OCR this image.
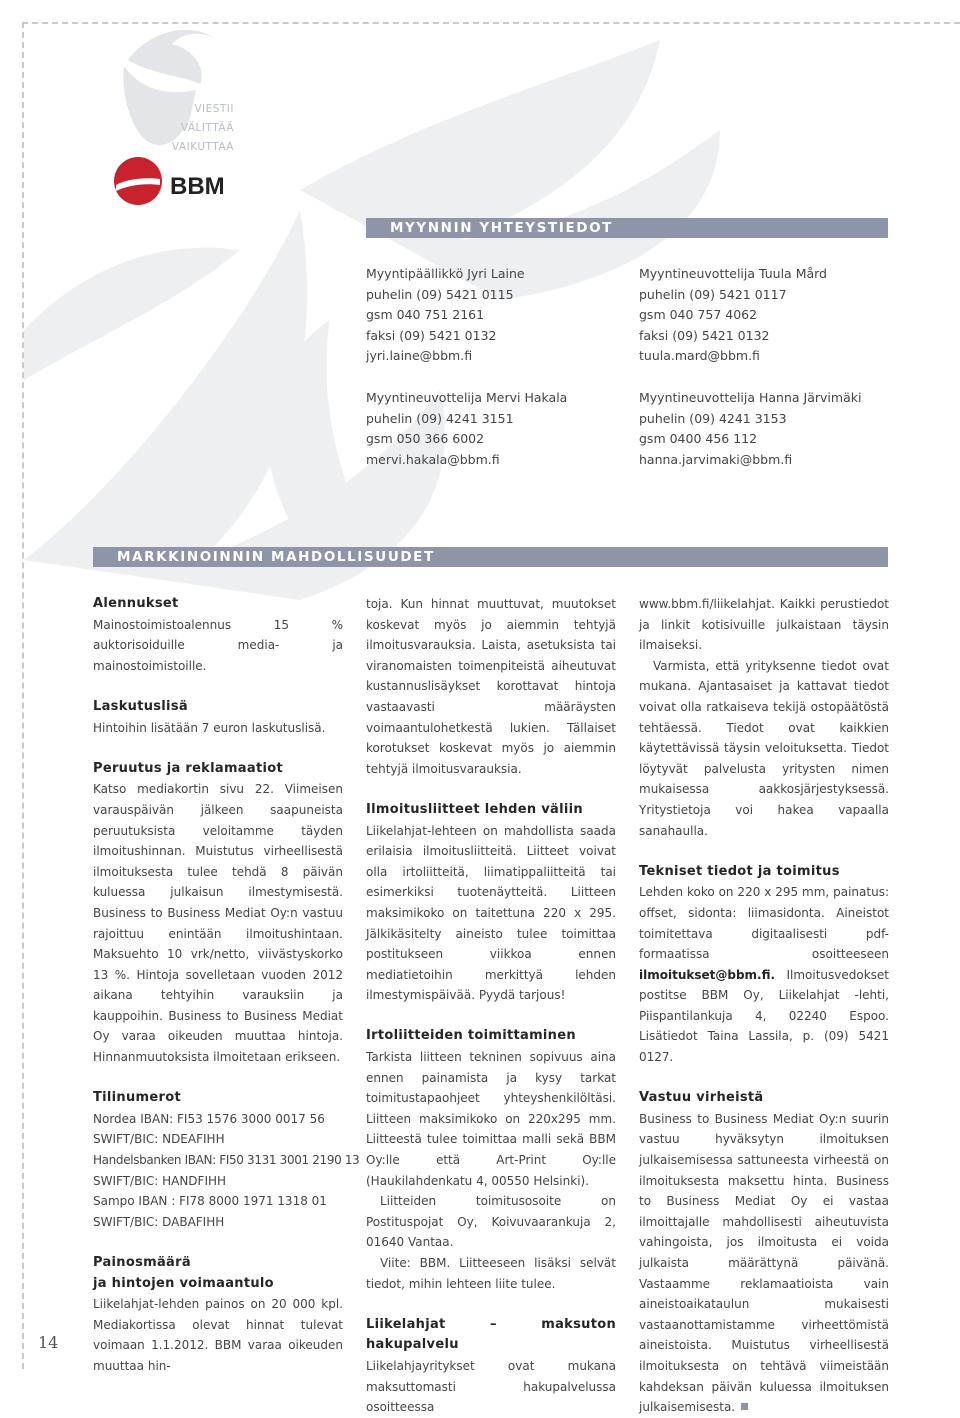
VIESTII
VÄLITTÄÄ
VAIKUTTAA
BBM
MYYNNIN YHTEYSTIEDOT
Myyntipäällikkö Jyri Laine
puhelin (09) 5421 0115
gsm 040 751 2161
faksi (09) 5421 0132
jyri.laine@bbm.fi
Myyntineuvottelija Tuula Mård
puhelin (09) 5421 0117
gsm 040 757 4062
faksi (09) 5421 0132
tuula.mard@bbm.fi
Myyntineuvottelija Mervi Hakala
puhelin (09) 4241 3151
gsm 050 366 6002
mervi.hakala@bbm.fi
Myyntineuvottelija Hanna Järvimäki
puhelin (09) 4241 3153
gsm 0400 456 112
hanna.jarvimaki@bbm.fi
MARKKINOINNIN MAHDOLLISUUDET
Alennukset

Mainostoimistoalennus 15 % auktorisoiduille media- ja mainostoimistoille.

Laskutuslisä

Hintoihin lisätään 7 euron laskutuslisä.

Peruutus ja reklamaatiot

Katso mediakortin sivu 22. Viimeisen varauspäivän jälkeen saapuneista peruutuksista veloitamme täyden ilmoitushinnan. Muistutus virheellisestä ilmoituksesta tulee tehdä 8 päivän kuluessa julkaisun ilmestymisestä. Business to Business Mediat Oy:n vastuu rajoittuu enintään ilmoitushintaan. Maksuehto 10 vrk/netto, viivästyskorko 13 %. Hintoja sovelletaan vuoden 2012 aikana tehtyihin varauksiin ja kauppoihin. Business to Business Mediat Oy varaa oikeuden muuttaa hintoja. Hinnanmuutoksista ilmoitetaan erikseen.

Tilinumerot
Nordea IBAN: FI53 1576 3000 0017 56
SWIFT/BIC: NDEAFIHH
Handelsbanken IBAN: FI50 3131 3001 2190 13
SWIFT/BIC: HANDFIHH
Sampo IBAN : FI78 8000 1971 1318 01
SWIFT/BIC: DABAFIHH
Painosmäärä
ja hintojen voimaantulo

Liikelahjat-lehden painos on 20 000 kpl. Mediakortissa olevat hinnat tulevat voimaan 1.1.2012. BBM varaa oikeuden muuttaa hin-

toja. Kun hinnat muuttuvat, muutokset koskevat myös jo aiemmin tehtyjä ilmoitusvarauksia. Laista, asetuksista tai viranomaisten toimenpiteistä aiheutuvat kustannuslisäykset korottavat hintoja vastaavasti määräysten voimaantulohetkestä lukien. Tällaiset korotukset koskevat myös jo aiemmin tehtyjä ilmoitusvarauksia.

Ilmoitusliitteet lehden väliin

Liikelahjat-lehteen on mahdollista saada erilaisia ilmoitusliitteitä. Liitteet voivat olla irtoliitteitä, liimatippaliitteitä tai esimerkiksi tuotenäytteitä. Liitteen maksimikoko on taitettuna 220 x 295. Jälkikäsitelty aineisto tulee toimittaa postitukseen viikkoa ennen mediatietoihin merkittyä lehden ilmestymispäivää. Pyydä tarjous!

Irtoliitteiden toimittaminen

Tarkista liitteen tekninen sopivuus aina ennen painamista ja kysy tarkat toimitustapaohjeet yhteyshenkilöltäsi. Liitteen maksimikoko on 220x295 mm. Liitteestä tulee toimittaa malli sekä BBM Oy:lle että Art-Print Oy:lle (Haukilahdenkatu 4, 00550 Helsinki).

Liitteiden toimitusosoite on Postituspojat Oy, Koivuvaarankuja 2, 01640 Vantaa.

Viite: BBM. Liitteeseen lisäksi selvät tiedot, mihin lehteen liite tulee.

Liikelahjat – maksuton hakupalvelu

Liikelahjayritykset ovat mukana maksuttomasti hakupalvelussa osoitteessa

www.bbm.fi/liikelahjat. Kaikki perustiedot ja linkit kotisivuille julkaistaan täysin ilmaiseksi.

Varmista, että yrityksenne tiedot ovat mukana. Ajantasaiset ja kattavat tiedot voivat olla ratkaiseva tekijä ostopäätöstä tehtäessä. Tiedot ovat kaikkien käytettävissä täysin veloituksetta. Tiedot löytyvät palvelusta yritysten nimen mukaisessa aakkosjärjestyksessä. Yritystietoja voi hakea vapaalla sanahaulla.

Tekniset tiedot ja toimitus

Lehden koko on 220 x 295 mm, painatus: offset, sidonta: liimasidonta. Aineistot toimitettava digitaalisesti pdf-formaatissa osoitteeseen ilmoitukset@bbm.fi. Ilmoitusvedokset postitse BBM Oy, Liikelahjat -lehti, Piispantilankuja 4, 02240 Espoo. Lisätiedot Taina Lassila, p. (09) 5421 0127.

Vastuu virheistä

Business to Business Mediat Oy:n suurin vastuu hyväksytyn ilmoituksen julkaisemisessa sattuneesta virheestä on ilmoituksesta maksettu hinta. Business to Business Mediat Oy ei vastaa ilmoittajalle mahdollisesti aiheutuvista vahingoista, jos ilmoitusta ei voida julkaista määrättynä päivänä. Vastaamme reklamaatioista vain aineistoaikataulun mukaisesti vastaanottamistamme virheettömistä aineistoista. Muistutus virheellisestä ilmoituksesta on tehtävä viimeistään kahdeksan päivän kuluessa ilmoituksen julkaisemisesta.

14
